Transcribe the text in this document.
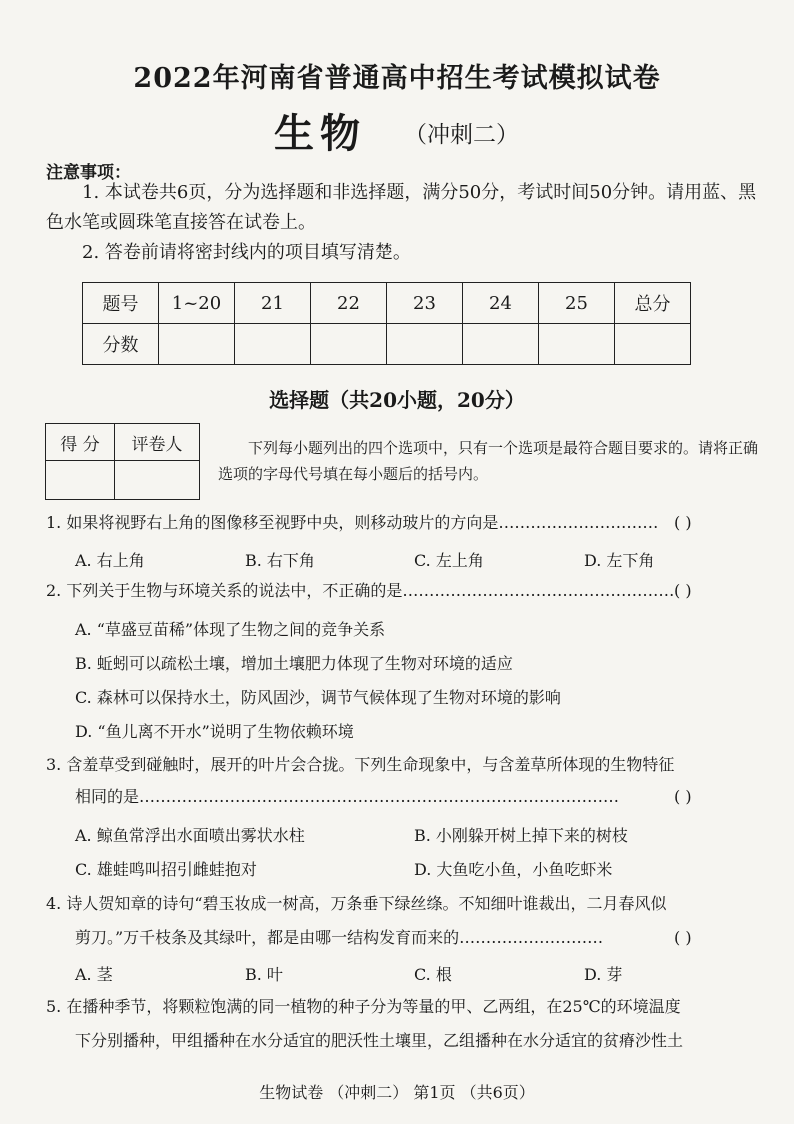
2022年河南省普通高中招生考试模拟试卷
生物 （冲刺二）
注意事项：
1. 本试卷共6页，分为选择题和非选择题，满分50分，考试时间50分钟。请用蓝、黑色水笔或圆珠笔直接答在试卷上。
2. 答卷前请将密封线内的项目填写清楚。
题号	1~20	21	22	23	24	25	总分
分数							
选择题（共20小题，20分）
得 分	评卷人
		下列每小题列出的四个选项中，只有一个选项是最符合题目要求的。请将正确选项的字母代号填在每小题后的括号内。
1. 如果将视野右上角的图像移至视野中央，则移动玻片的方向是………………………… ( )
A. 右上角	B. 右下角	C. 左上角	D. 左下角
2. 下列关于生物与环境关系的说法中，不正确的是…………………………………………… ( )
A. “草盛豆苗稀”体现了生物之间的竞争关系
B. 蚯蚓可以疏松土壤，增加土壤肥力体现了生物对环境的适应
C. 森林可以保持水土，防风固沙，调节气候体现了生物对环境的影响
D. “鱼儿离不开水”说明了生物依赖环境
3. 含羞草受到碰触时，展开的叶片会合拢。下列生命现象中，与含羞草所体现的生物特征
相同的是………………………………………………………………………………	( )
A. 鲸鱼常浮出水面喷出雾状水柱	B. 小刚躲开树上掉下来的树枝
C. 雄蛙鸣叫招引雌蛙抱对	D. 大鱼吃小鱼，小鱼吃虾米
4. 诗人贺知章的诗句“碧玉妆成一树高，万条垂下绿丝绦。不知细叶谁裁出，二月春风似
剪刀。”万千枝条及其绿叶，都是由哪一结构发育而来的………………………	( )
A. 茎	B. 叶	C. 根	D. 芽
5. 在播种季节，将颗粒饱满的同一植物的种子分为等量的甲、乙两组，在25℃的环境温度
下分别播种，甲组播种在水分适宜的肥沃性土壤里，乙组播种在水分适宜的贫瘠沙性土
生物试卷 （冲刺二） 第1页 （共6页）
